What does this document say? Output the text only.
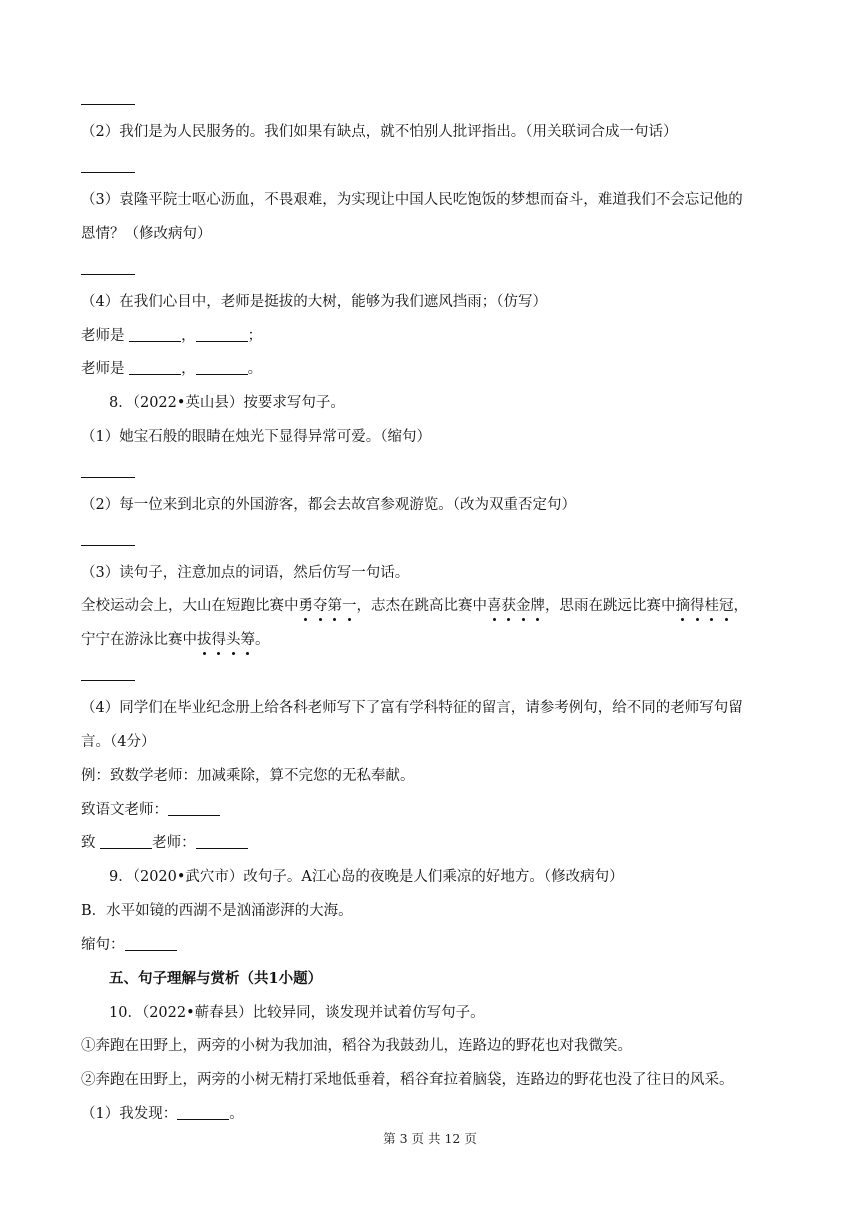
（2）我们是为人民服务的。我们如果有缺点，就不怕别人批评指出。（用关联词合成一句话）
（3）袁隆平院士呕心沥血，不畏艰难，为实现让中国人民吃饱饭的梦想而奋斗，难道我们不会忘记他的
恩情？（修改病句）
（4）在我们心目中，老师是挺拔的大树，能够为我们遮风挡雨；（仿写）
老师是	，	；
老师是	，	。
8．（2022•英山县）按要求写句子。
（1）她宝石般的眼睛在烛光下显得异常可爱。（缩句）
（2）每一位来到北京的外国游客，都会去故宫参观游览。（改为双重否定句）
（3）读句子，注意加点的词语，然后仿写一句话。
全校运动会上，大山在短跑比赛中勇夺第一，志杰在跳高比赛中喜获金牌，思雨在跳远比赛中摘得桂冠，
宁宁在游泳比赛中拔得头筹。
（4）同学们在毕业纪念册上给各科老师写下了富有学科特征的留言，请参考例句，给不同的老师写句留
言。（4分）
例：致数学老师：加减乘除，算不完您的无私奉献。
致语文老师：
致	老师：
9．（2020•武穴市）改句子。A江心岛的夜晚是人们乘凉的好地方。（修改病句）
B．水平如镜的西湖不是汹涌澎湃的大海。
缩句：
五、句子理解与赏析（共1小题）
10．（2022•蕲春县）比较异同，谈发现并试着仿写句子。
①奔跑在田野上，两旁的小树为我加油，稻谷为我鼓劲儿，连路边的野花也对我微笑。
②奔跑在田野上，两旁的小树无精打采地低垂着，稻谷耷拉着脑袋，连路边的野花也没了往日的风采。
（1）我发现：	。
第 3 页 共 12 页
